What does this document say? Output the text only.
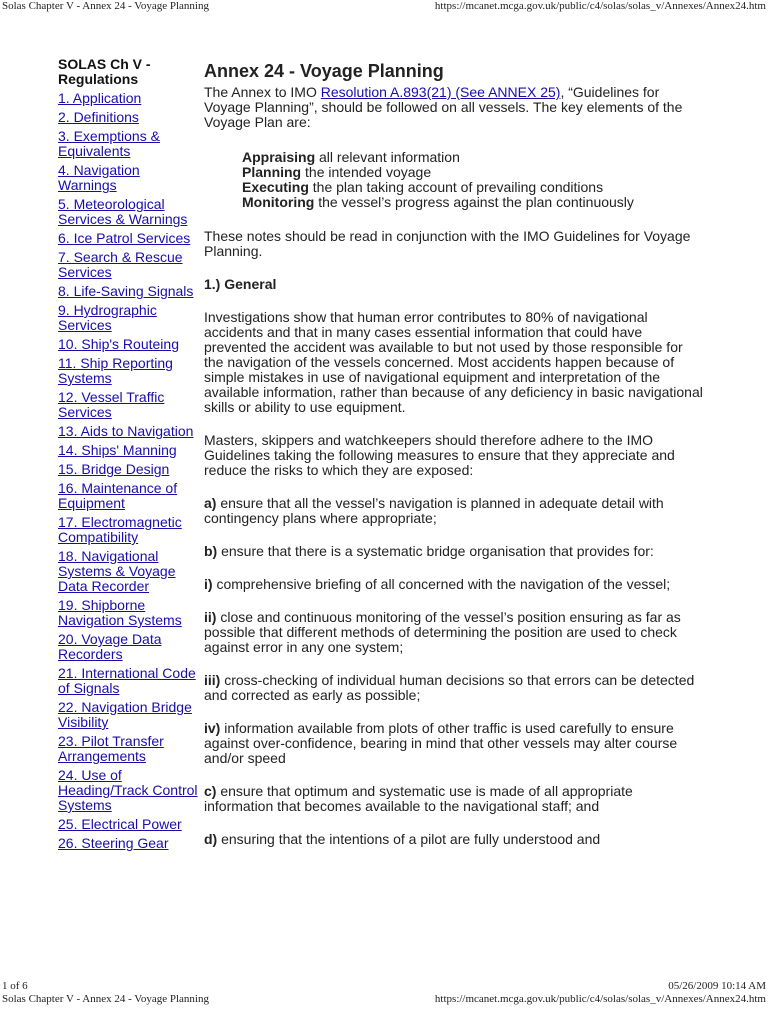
Solas Chapter V - Annex 24 - Voyage Planning	https://mcanet.mcga.gov.uk/public/c4/solas/solas_v/Annexes/Annex24.htm
SOLAS Ch V - Regulations
1. Application
2. Definitions
3. Exemptions & Equivalents
4. Navigation Warnings
5. Meteorological Services & Warnings
6. Ice Patrol Services
7. Search & Rescue Services
8. Life-Saving Signals
9. Hydrographic Services
10. Ship's Routeing
11. Ship Reporting Systems
12. Vessel Traffic Services
13. Aids to Navigation
14. Ships' Manning
15. Bridge Design
16. Maintenance of Equipment
17. Electromagnetic Compatibility
18. Navigational Systems & Voyage Data Recorder
19. Shipborne Navigation Systems
20. Voyage Data Recorders
21. International Code of Signals
22. Navigation Bridge Visibility
23. Pilot Transfer Arrangements
24. Use of Heading/Track Control Systems
25. Electrical Power
26. Steering Gear
Annex 24 - Voyage Planning

The Annex to IMO Resolution A.893(21) (See ANNEX 25), “Guidelines for Voyage Planning”, should be followed on all vessels. The key elements of the Voyage Plan are:

Appraising all relevant information
Planning the intended voyage
Executing the plan taking account of prevailing conditions
Monitoring the vessel’s progress against the plan continuously

These notes should be read in conjunction with the IMO Guidelines for Voyage Planning.

1.) General

Investigations show that human error contributes to 80% of navigational accidents and that in many cases essential information that could have prevented the accident was available to but not used by those responsible for the navigation of the vessels concerned. Most accidents happen because of simple mistakes in use of navigational equipment and interpretation of the available information, rather than because of any deficiency in basic navigational skills or ability to use equipment.

Masters, skippers and watchkeepers should therefore adhere to the IMO Guidelines taking the following measures to ensure that they appreciate and reduce the risks to which they are exposed:

a) ensure that all the vessel’s navigation is planned in adequate detail with contingency plans where appropriate;

b) ensure that there is a systematic bridge organisation that provides for:

i) comprehensive briefing of all concerned with the navigation of the vessel;

ii) close and continuous monitoring of the vessel’s position ensuring as far as possible that different methods of determining the position are used to check against error in any one system;

iii) cross-checking of individual human decisions so that errors can be detected and corrected as early as possible;

iv) information available from plots of other traffic is used carefully to ensure against over-confidence, bearing in mind that other vessels may alter course and/or speed

c) ensure that optimum and systematic use is made of all appropriate information that becomes available to the navigational staff; and

d) ensuring that the intentions of a pilot are fully understood and

1 of 6	05/26/2009 10:14 AM
Solas Chapter V - Annex 24 - Voyage Planning	https://mcanet.mcga.gov.uk/public/c4/solas/solas_v/Annexes/Annex24.htm
